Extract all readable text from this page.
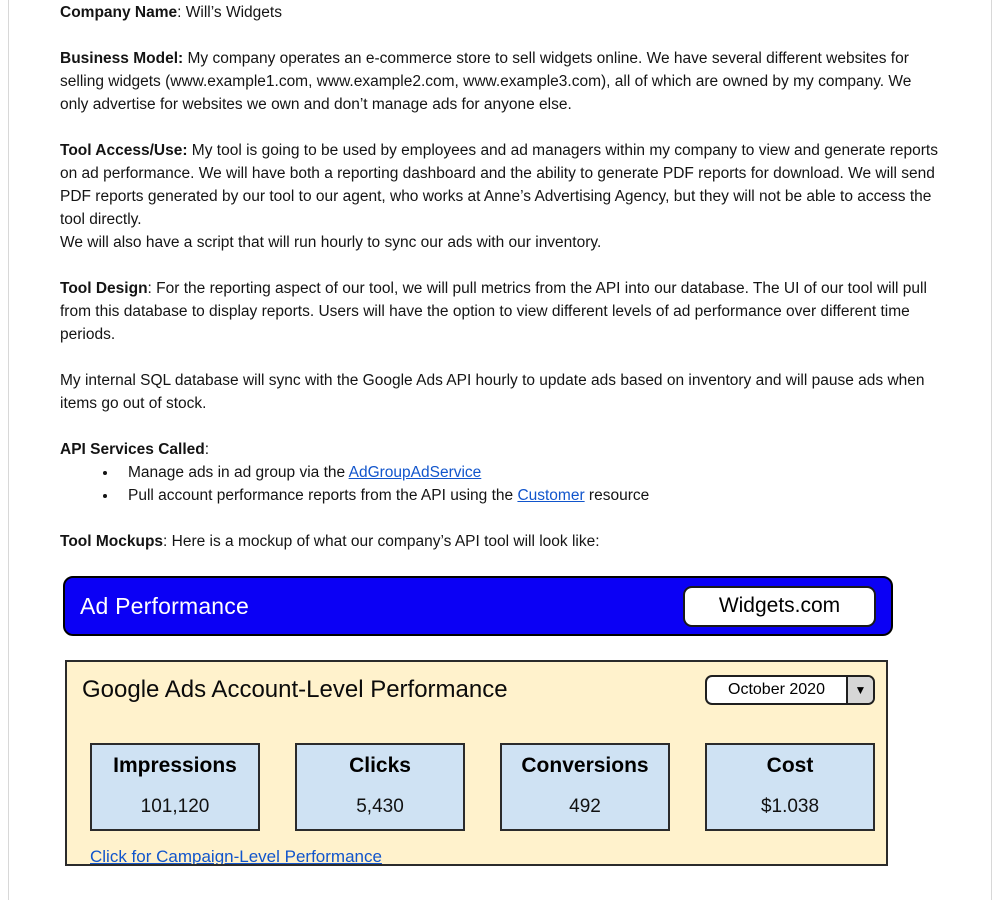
Company Name: Will’s Widgets
Business Model: My company operates an e-commerce store to sell widgets online. We have several different websites for selling widgets (www.example1.com, www.example2.com, www.example3.com), all of which are owned by my company. We only advertise for websites we own and don’t manage ads for anyone else.
Tool Access/Use: My tool is going to be used by employees and ad managers within my company to view and generate reports on ad performance. We will have both a reporting dashboard and the ability to generate PDF reports for download. We will send PDF reports generated by our tool to our agent, who works at Anne’s Advertising Agency, but they will not be able to access the tool directly.
We will also have a script that will run hourly to sync our ads with our inventory.
Tool Design: For the reporting aspect of our tool, we will pull metrics from the API into our database. The UI of our tool will pull from this database to display reports. Users will have the option to view different levels of ad performance over different time periods.
My internal SQL database will sync with the Google Ads API hourly to update ads based on inventory and will pause ads when items go out of stock.
API Services Called:
• Manage ads in ad group via the AdGroupAdService
• Pull account performance reports from the API using the Customer resource
Tool Mockups: Here is a mockup of what our company’s API tool will look like:
Ad Performance	Widgets.com
Google Ads Account-Level Performance	October 2020	▼
Impressions
101,120
Clicks
5,430
Conversions
492
Cost
$1.038
Click for Campaign-Level Performance
